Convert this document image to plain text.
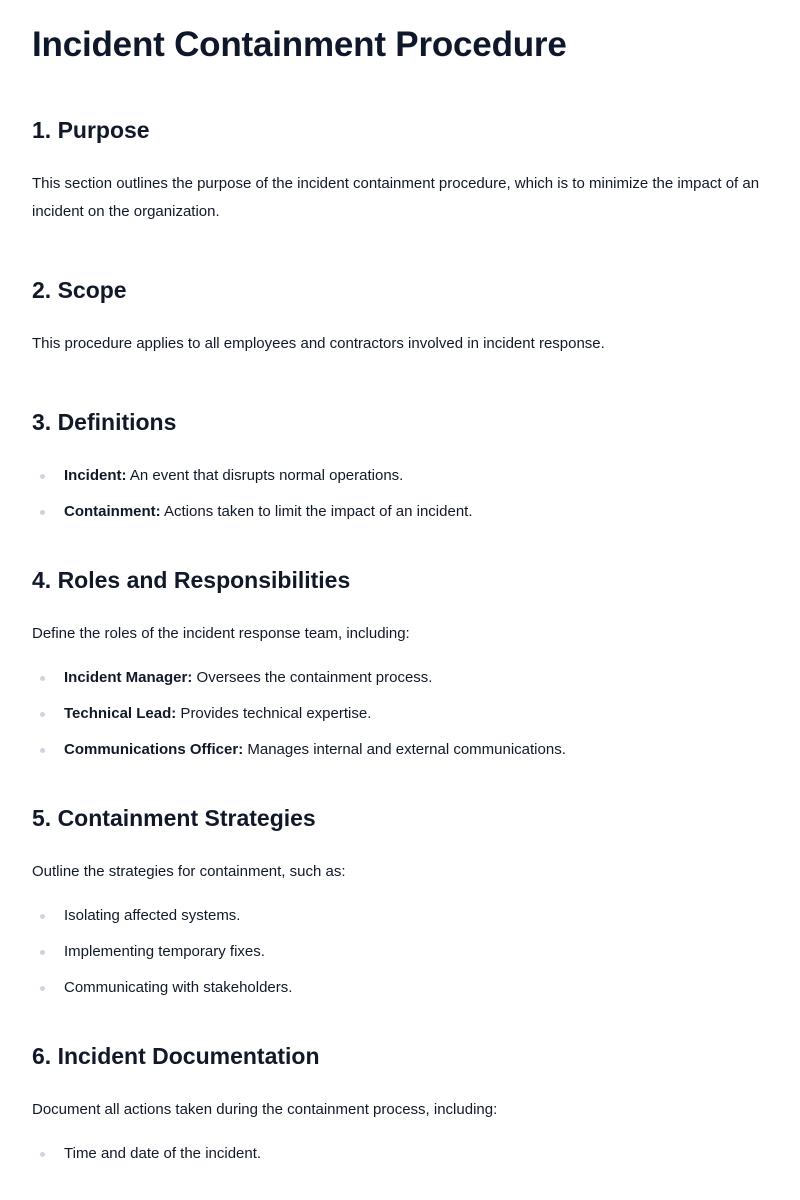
Incident Containment Procedure
1. Purpose

This section outlines the purpose of the incident containment procedure, which is to minimize the impact of an incident on the organization.

2. Scope

This procedure applies to all employees and contractors involved in incident response.

3. Definitions
Incident: An event that disrupts normal operations.
Containment: Actions taken to limit the impact of an incident.
4. Roles and Responsibilities

Define the roles of the incident response team, including:

Incident Manager: Oversees the containment process.
Technical Lead: Provides technical expertise.
Communications Officer: Manages internal and external communications.
5. Containment Strategies

Outline the strategies for containment, such as:

Isolating affected systems.
Implementing temporary fixes.
Communicating with stakeholders.
6. Incident Documentation

Document all actions taken during the containment process, including:

Time and date of the incident.
